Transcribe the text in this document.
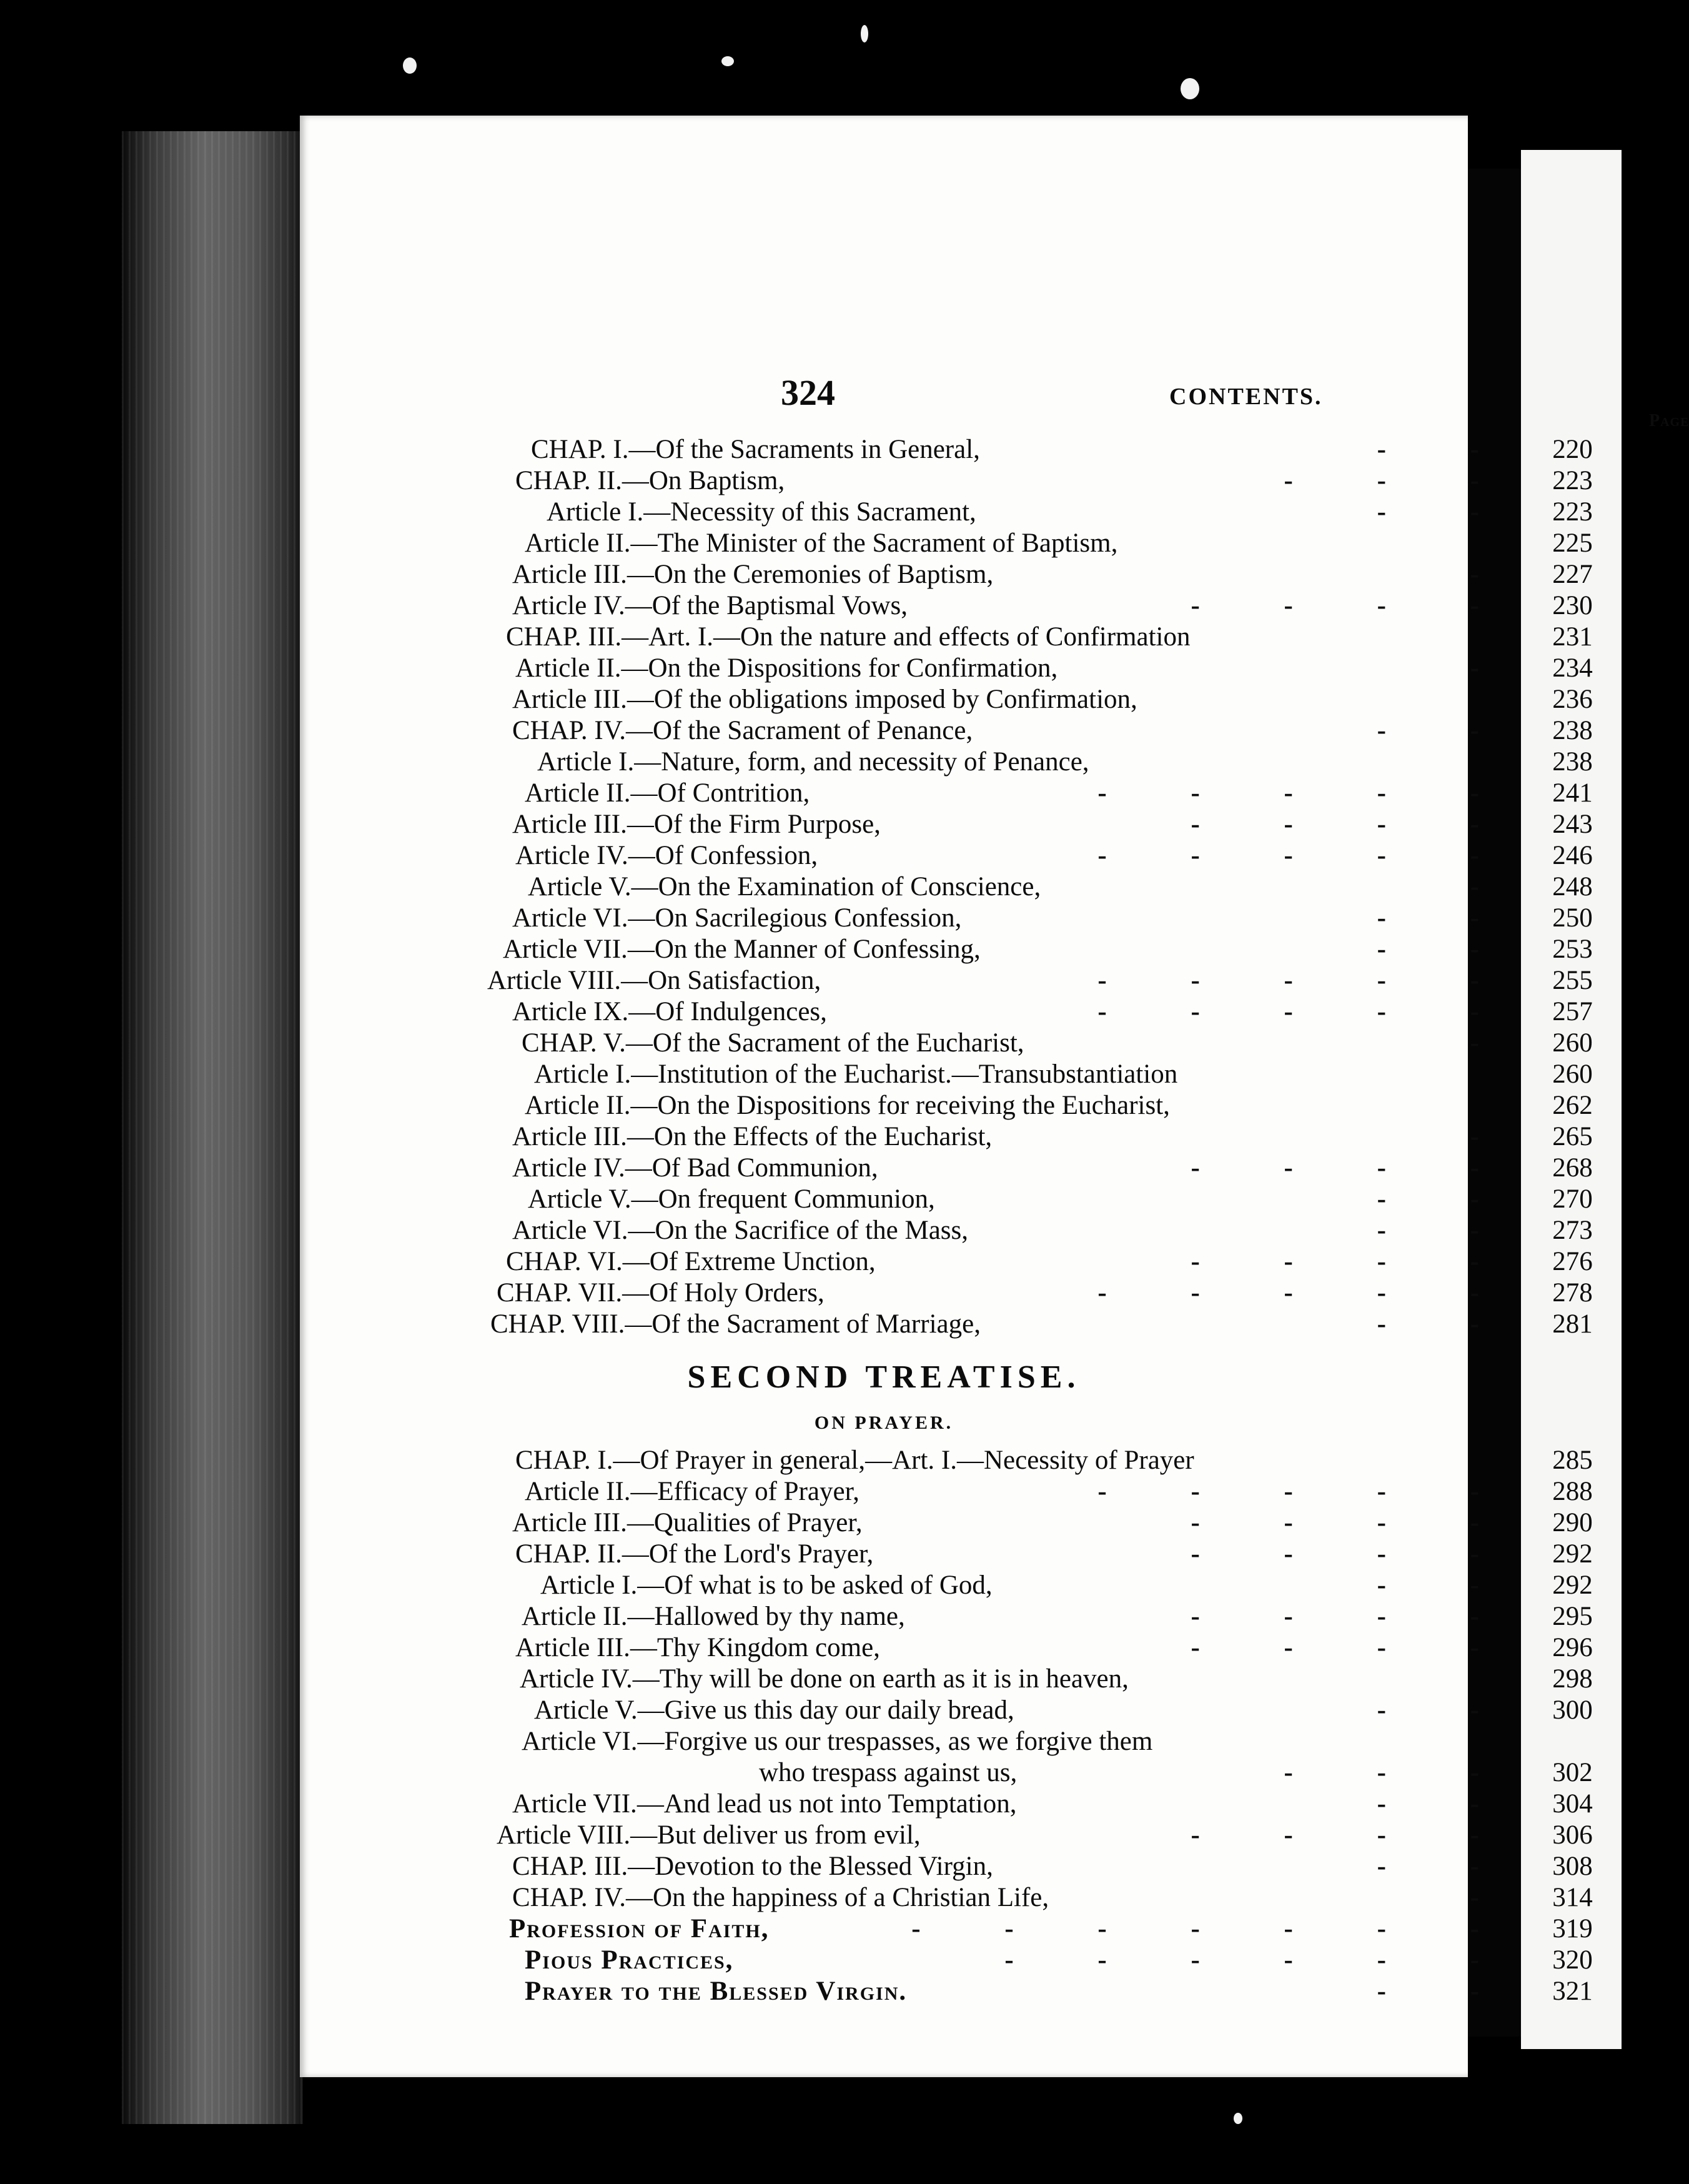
324	CONTENTS.
Page
CHAP. I.—Of the Sacraments in General,	- -	220
CHAP. II.—On Baptism,	- - -	223
Article I.—Necessity of this Sacrament,	- -	223
Article II.—The Minister of the Sacrament of Baptism,	225
Article III.—On the Ceremonies of Baptism,	-	227
Article IV.—Of the Baptismal Vows,	- - - -	230
CHAP. III.—Art. I.—On the nature and effects of Confirmation	231
Article II.—On the Dispositions for Confirmation,	-	234
Article III.—Of the obligations imposed by Confirmation,	236
CHAP. IV.—Of the Sacrament of Penance,	- -	238
Article I.—Nature, form, and necessity of Penance,	238
Article II.—Of Contrition,	- - - - -	241
Article III.—Of the Firm Purpose,	- - - -	243
Article IV.—Of Confession,	- - - - -	246
Article V.—On the Examination of Conscience,	-	248
Article VI.—On Sacrilegious Confession,	- -	250
Article VII.—On the Manner of Confessing,	- -	253
Article VIII.—On Satisfaction,	- - - - -	255
Article IX.—Of Indulgences,	- - - - -	257
CHAP. V.—Of the Sacrament of the Eucharist,	-	260
Article I.—Institution of the Eucharist.—Transubstantiation	260
Article II.—On the Dispositions for receiving the Eucharist,	262
Article III.—On the Effects of the Eucharist,	-	265
Article IV.—Of Bad Communion,	- - - -	268
Article V.—On frequent Communion,	- -	270
Article VI.—On the Sacrifice of the Mass,	- -	273
CHAP. VI.—Of Extreme Unction,	- - - -	276
CHAP. VII.—Of Holy Orders,	- - - - -	278
CHAP. VIII.—Of the Sacrament of Marriage,	- -	281
SECOND TREATISE.
ON PRAYER.
CHAP. I.—Of Prayer in general,—Art. I.—Necessity of Prayer	285
Article II.—Efficacy of Prayer,	- - - - -	288
Article III.—Qualities of Prayer,	- - - -	290
CHAP. II.—Of the Lord's Prayer,	- - - -	292
Article I.—Of what is to be asked of God,	- -	292
Article II.—Hallowed by thy name,	- - - -	295
Article III.—Thy Kingdom come,	- - - -	296
Article IV.—Thy will be done on earth as it is in heaven,	298
Article V.—Give us this day our daily bread,	- -	300
Article VI.—Forgive us our trespasses, as we forgive them
who trespass against us,	- - -	302
Article VII.—And lead us not into Temptation,	- -	304
Article VIII.—But deliver us from evil,	- - - -	306
CHAP. III.—Devotion to the Blessed Virgin,	- -	308
CHAP. IV.—On the happiness of a Christian Life,	-	314
Profession of Faith,	- - - - - - -	319
Pious Practices,	- - - - - -	320
Prayer to the Blessed Virgin.	- -	321
